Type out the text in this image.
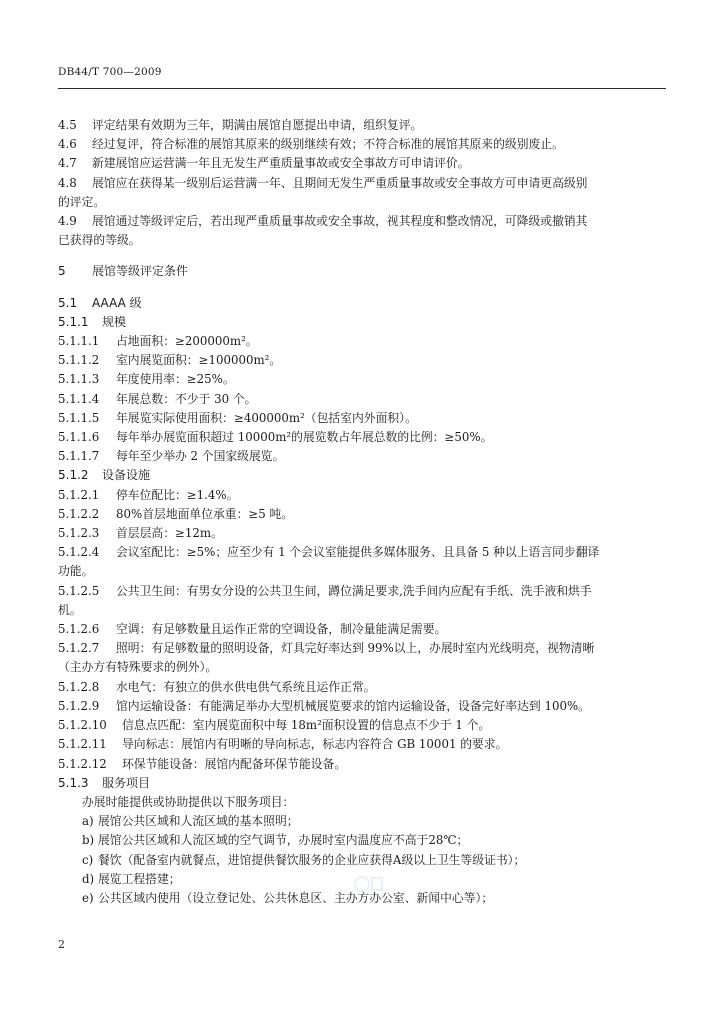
DB44/T 700—2009

4.5 评定结果有效期为三年，期满由展馆自愿提出申请，组织复评。

4.6 经过复评，符合标准的展馆其原来的级别继续有效；不符合标准的展馆其原来的级别废止。

4.7 新建展馆应运营满一年且无发生严重质量事故或安全事故方可申请评价。

4.8 展馆应在获得某一级别后运营满一年、且期间无发生严重质量事故或安全事故方可申请更高级别

的评定。

4.9 展馆通过等级评定后，若出现严重质量事故或安全事故，视其程度和整改情况，可降级或撤销其

已获得的等级。

5 展馆等级评定条件

5.1 AAAA 级

5.1.1 规模

5.1.1.1 占地面积：≥200000m²。

5.1.1.2 室内展览面积：≥100000m²。

5.1.1.3 年度使用率：≥25%。

5.1.1.4 年展总数：不少于 30 个。

5.1.1.5 年展览实际使用面积：≥400000m²（包括室内外面积）。

5.1.1.6 每年举办展览面积超过 10000m²的展览数占年展总数的比例：≥50%。

5.1.1.7 每年至少举办 2 个国家级展览。

5.1.2 设备设施

5.1.2.1 停车位配比：≥1.4%。

5.1.2.2 80%首层地面单位承重：≥5 吨。

5.1.2.3 首层层高：≥12m。

5.1.2.4 会议室配比：≥5%；应至少有 1 个会议室能提供多媒体服务、且具备 5 种以上语言同步翻译

功能。

5.1.2.5 公共卫生间：有男女分设的公共卫生间，蹲位满足要求,洗手间内应配有手纸、洗手液和烘手

机。

5.1.2.6 空调：有足够数量且运作正常的空调设备，制冷量能满足需要。

5.1.2.7 照明：有足够数量的照明设备，灯具完好率达到 99%以上，办展时室内光线明亮，视物清晰

（主办方有特殊要求的例外）。

5.1.2.8 水电气：有独立的供水供电供气系统且运作正常。

5.1.2.9 馆内运输设备：有能满足举办大型机械展览要求的馆内运输设备，设备完好率达到 100%。

5.1.2.10 信息点匹配：室内展览面积中每 18m²面积设置的信息点不少于 1 个。

5.1.2.11 导向标志：展馆内有明晰的导向标志，标志内容符合 GB 10001 的要求。

5.1.2.12 环保节能设备：展馆内配备环保节能设备。

5.1.3 服务项目

办展时能提供或协助提供以下服务项目：

a) 展馆公共区域和人流区域的基本照明；

b) 展馆公共区域和人流区域的空气调节，办展时室内温度应不高于28℃；

c) 餐饮（配备室内就餐点，进馆提供餐饮服务的企业应获得A级以上卫生等级证书）；

d) 展览工程搭建；

e) 公共区域内使用（设立登记处、公共休息区、主办方办公室、新闻中心等）；

2
